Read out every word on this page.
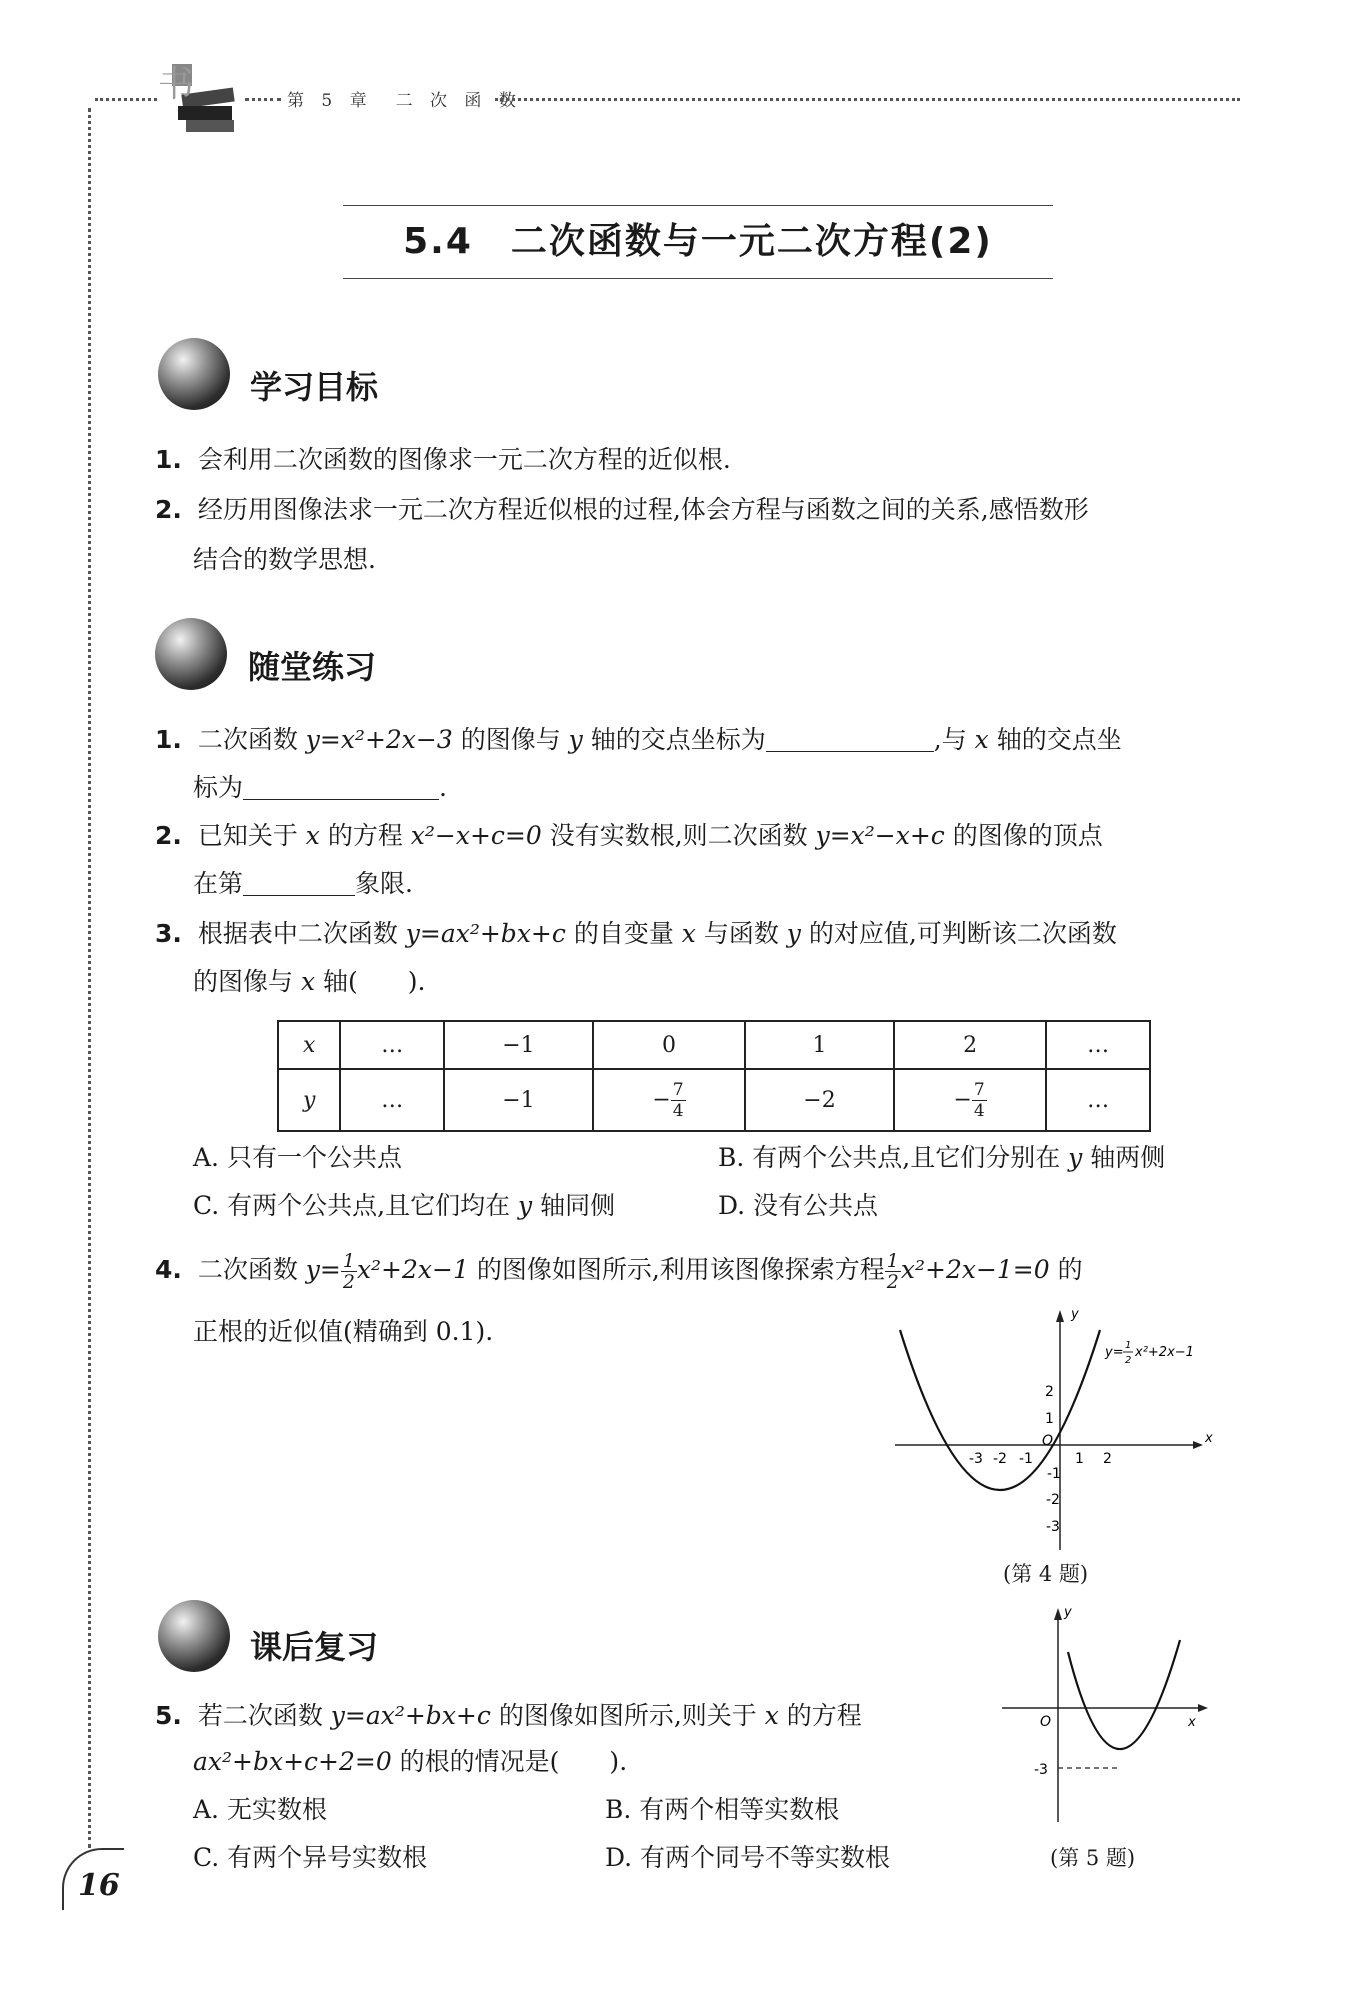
书	第 5 章　二 次 函 数
5.4　二次函数与一元二次方程(2)
学习目标
1. 会利用二次函数的图像求一元二次方程的近似根.
2. 经历用图像法求一元二次方程近似根的过程,体会方程与函数之间的关系,感悟数形
结合的数学思想.
随堂练习
1. 二次函数 y=x²+2x−3 的图像与 y 轴的交点坐标为	,与 x 轴的交点坐
标为	.
2. 已知关于 x 的方程 x²−x+c=0 没有实数根,则二次函数 y=x²−x+c 的图像的顶点
在第	象限.
3. 根据表中二次函数 y=ax²+bx+c 的自变量 x 与函数 y 的对应值,可判断该二次函数
的图像与 x 轴(　　).
x	…	−1	0	1	2	…
y	…	−1	− $\frac{7}{4}$	−2	− $\frac{7}{4}$	…
A. 只有一个公共点	B. 有两个公共点,且它们分别在 y 轴两侧
C. 有两个公共点,且它们均在 y 轴同侧	D. 没有公共点
4. 二次函数 $y= \frac{1}{2} x^2+2x-1$ 的图像如图所示,利用该图像探索方程 $\frac{1}{2} x^2+2x-1=0$ 的
正根的近似值(精确到 0.1).
y
x
O
-3 -2 -1	1 2
2
1
-1
-2
-3
y= 1
2
x²+2x−1
(第 4 题)
课后复习
5. 若二次函数 y=ax²+bx+c 的图像如图所示,则关于 x 的方程
ax²+bx+c+2=0 的根的情况是(　　).
A. 无实数根	B. 有两个相等实数根
C. 有两个异号实数根	D. 有两个同号不等实数根
y
x
O
-3
(第 5 题)
16
